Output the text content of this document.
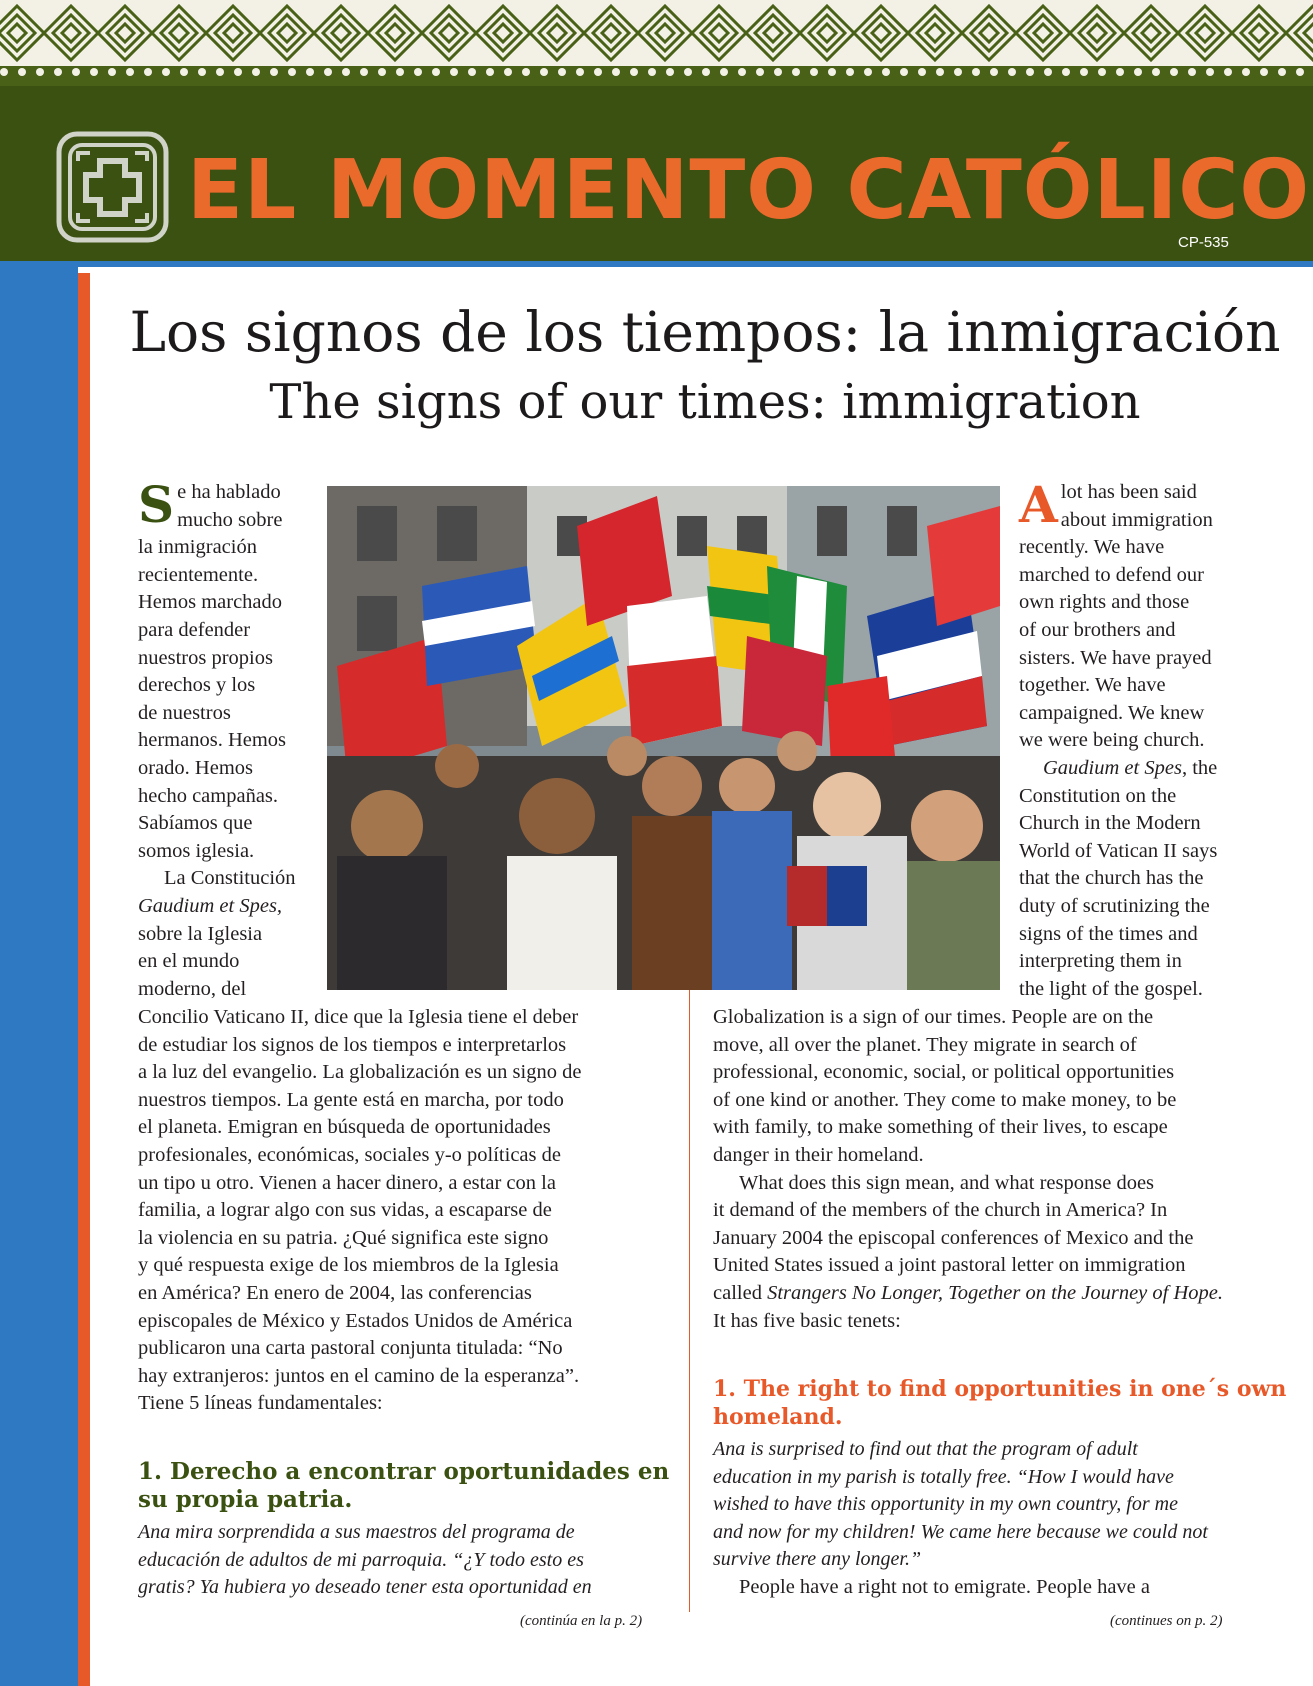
EL MOMENTO CATÓLICO
CP-535
Los signos de los tiempos: la inmigración
The signs of our times: immigration
S e ha hablado
mucho sobre
la inmigración
recientemente.
Hemos marchado
para defender
nuestros propios
derechos y los
de nuestros
hermanos. Hemos
orado. Hemos
hecho campañas.
Sabíamos que
somos iglesia.
La Constitución
Gaudium et Spes,
sobre la Iglesia
en el mundo
moderno, del
Concilio Vaticano II, dice que la Iglesia tiene el deber
de estudiar los signos de los tiempos e interpretarlos
a la luz del evangelio. La globalización es un signo de
nuestros tiempos. La gente está en marcha, por todo
el planeta. Emigran en búsqueda de oportunidades
profesionales, económicas, sociales y-o políticas de
un tipo u otro. Vienen a hacer dinero, a estar con la
familia, a lograr algo con sus vidas, a escaparse de
la violencia en su patria. ¿Qué significa este signo
y qué respuesta exige de los miembros de la Iglesia
en América? En enero de 2004, las conferencias
episcopales de México y Estados Unidos de América
publicaron una carta pastoral conjunta titulada: “No
hay extranjeros: juntos en el camino de la esperanza”.
Tiene 5 líneas fundamentales:
1. Derecho a encontrar oportunidades en
su propia patria.
Ana mira sorprendida a sus maestros del programa de
educación de adultos de mi parroquia. “¿Y todo esto es
gratis? Ya hubiera yo deseado tener esta oportunidad en
(continúa en la p. 2)
A lot has been said
about immigration
recently. We have
marched to defend our
own rights and those
of our brothers and
sisters. We have prayed
together. We have
campaigned. We knew
we were being church.
Gaudium et Spes, the
Constitution on the
Church in the Modern
World of Vatican II says
that the church has the
duty of scrutinizing the
signs of the times and
interpreting them in
the light of the gospel.
Globalization is a sign of our times. People are on the
move, all over the planet. They migrate in search of
professional, economic, social, or political opportunities
of one kind or another. They come to make money, to be
with family, to make something of their lives, to escape
danger in their homeland.
What does this sign mean, and what response does
it demand of the members of the church in America? In
January 2004 the episcopal conferences of Mexico and the
United States issued a joint pastoral letter on immigration
called Strangers No Longer, Together on the Journey of Hope.
It has five basic tenets:
1. The right to find opportunities in one´s own
homeland.
Ana is surprised to find out that the program of adult
education in my parish is totally free. “How I would have
wished to have this opportunity in my own country, for me
and now for my children! We came here because we could not
survive there any longer.”
People have a right not to emigrate. People have a
(continues on p. 2)
